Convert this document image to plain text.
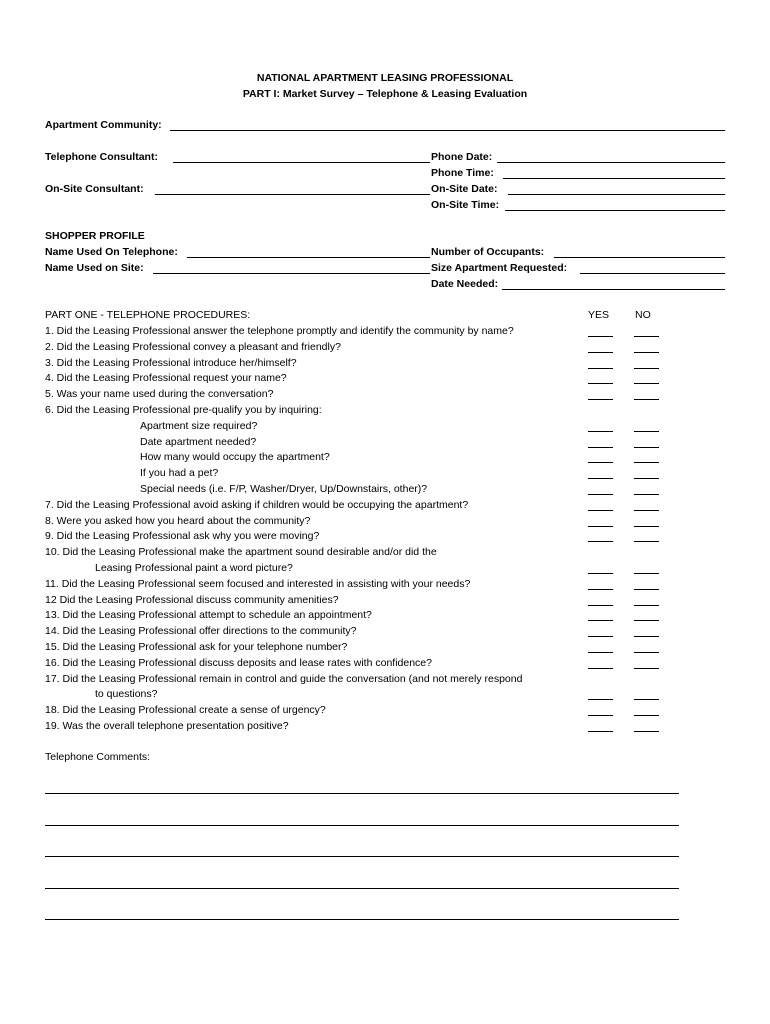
NATIONAL APARTMENT LEASING PROFESSIONAL
PART I: Market Survey – Telephone & Leasing Evaluation
Apartment Community:
Telephone Consultant:	Phone Date:
Phone Time:
On-Site Consultant:	On-Site Date:
On-Site Time:
SHOPPER PROFILE
Name Used On Telephone:	Number of Occupants:
Name Used on Site:	Size Apartment Requested:
Date Needed:
PART ONE - TELEPHONE PROCEDURES:	YES NO
1. Did the Leasing Professional answer the telephone promptly and identify the community by name?
2. Did the Leasing Professional convey a pleasant and friendly?
3. Did the Leasing Professional introduce her/himself?
4. Did the Leasing Professional request your name?
5. Was your name used during the conversation?
6. Did the Leasing Professional pre-qualify you by inquiring:
Apartment size required?
Date apartment needed?
How many would occupy the apartment?
If you had a pet?
Special needs (i.e. F/P, Washer/Dryer, Up/Downstairs, other)?
7. Did the Leasing Professional avoid asking if children would be occupying the apartment?
8. Were you asked how you heard about the community?
9. Did the Leasing Professional ask why you were moving?
10. Did the Leasing Professional make the apartment sound desirable and/or did the
Leasing Professional paint a word picture?
11. Did the Leasing Professional seem focused and interested in assisting with your needs?
12 Did the Leasing Professional discuss community amenities?
13. Did the Leasing Professional attempt to schedule an appointment?
14. Did the Leasing Professional offer directions to the community?
15. Did the Leasing Professional ask for your telephone number?
16. Did the Leasing Professional discuss deposits and lease rates with confidence?
17. Did the Leasing Professional remain in control and guide the conversation (and not merely respond
to questions?
18. Did the Leasing Professional create a sense of urgency?
19. Was the overall telephone presentation positive?
Telephone Comments:
